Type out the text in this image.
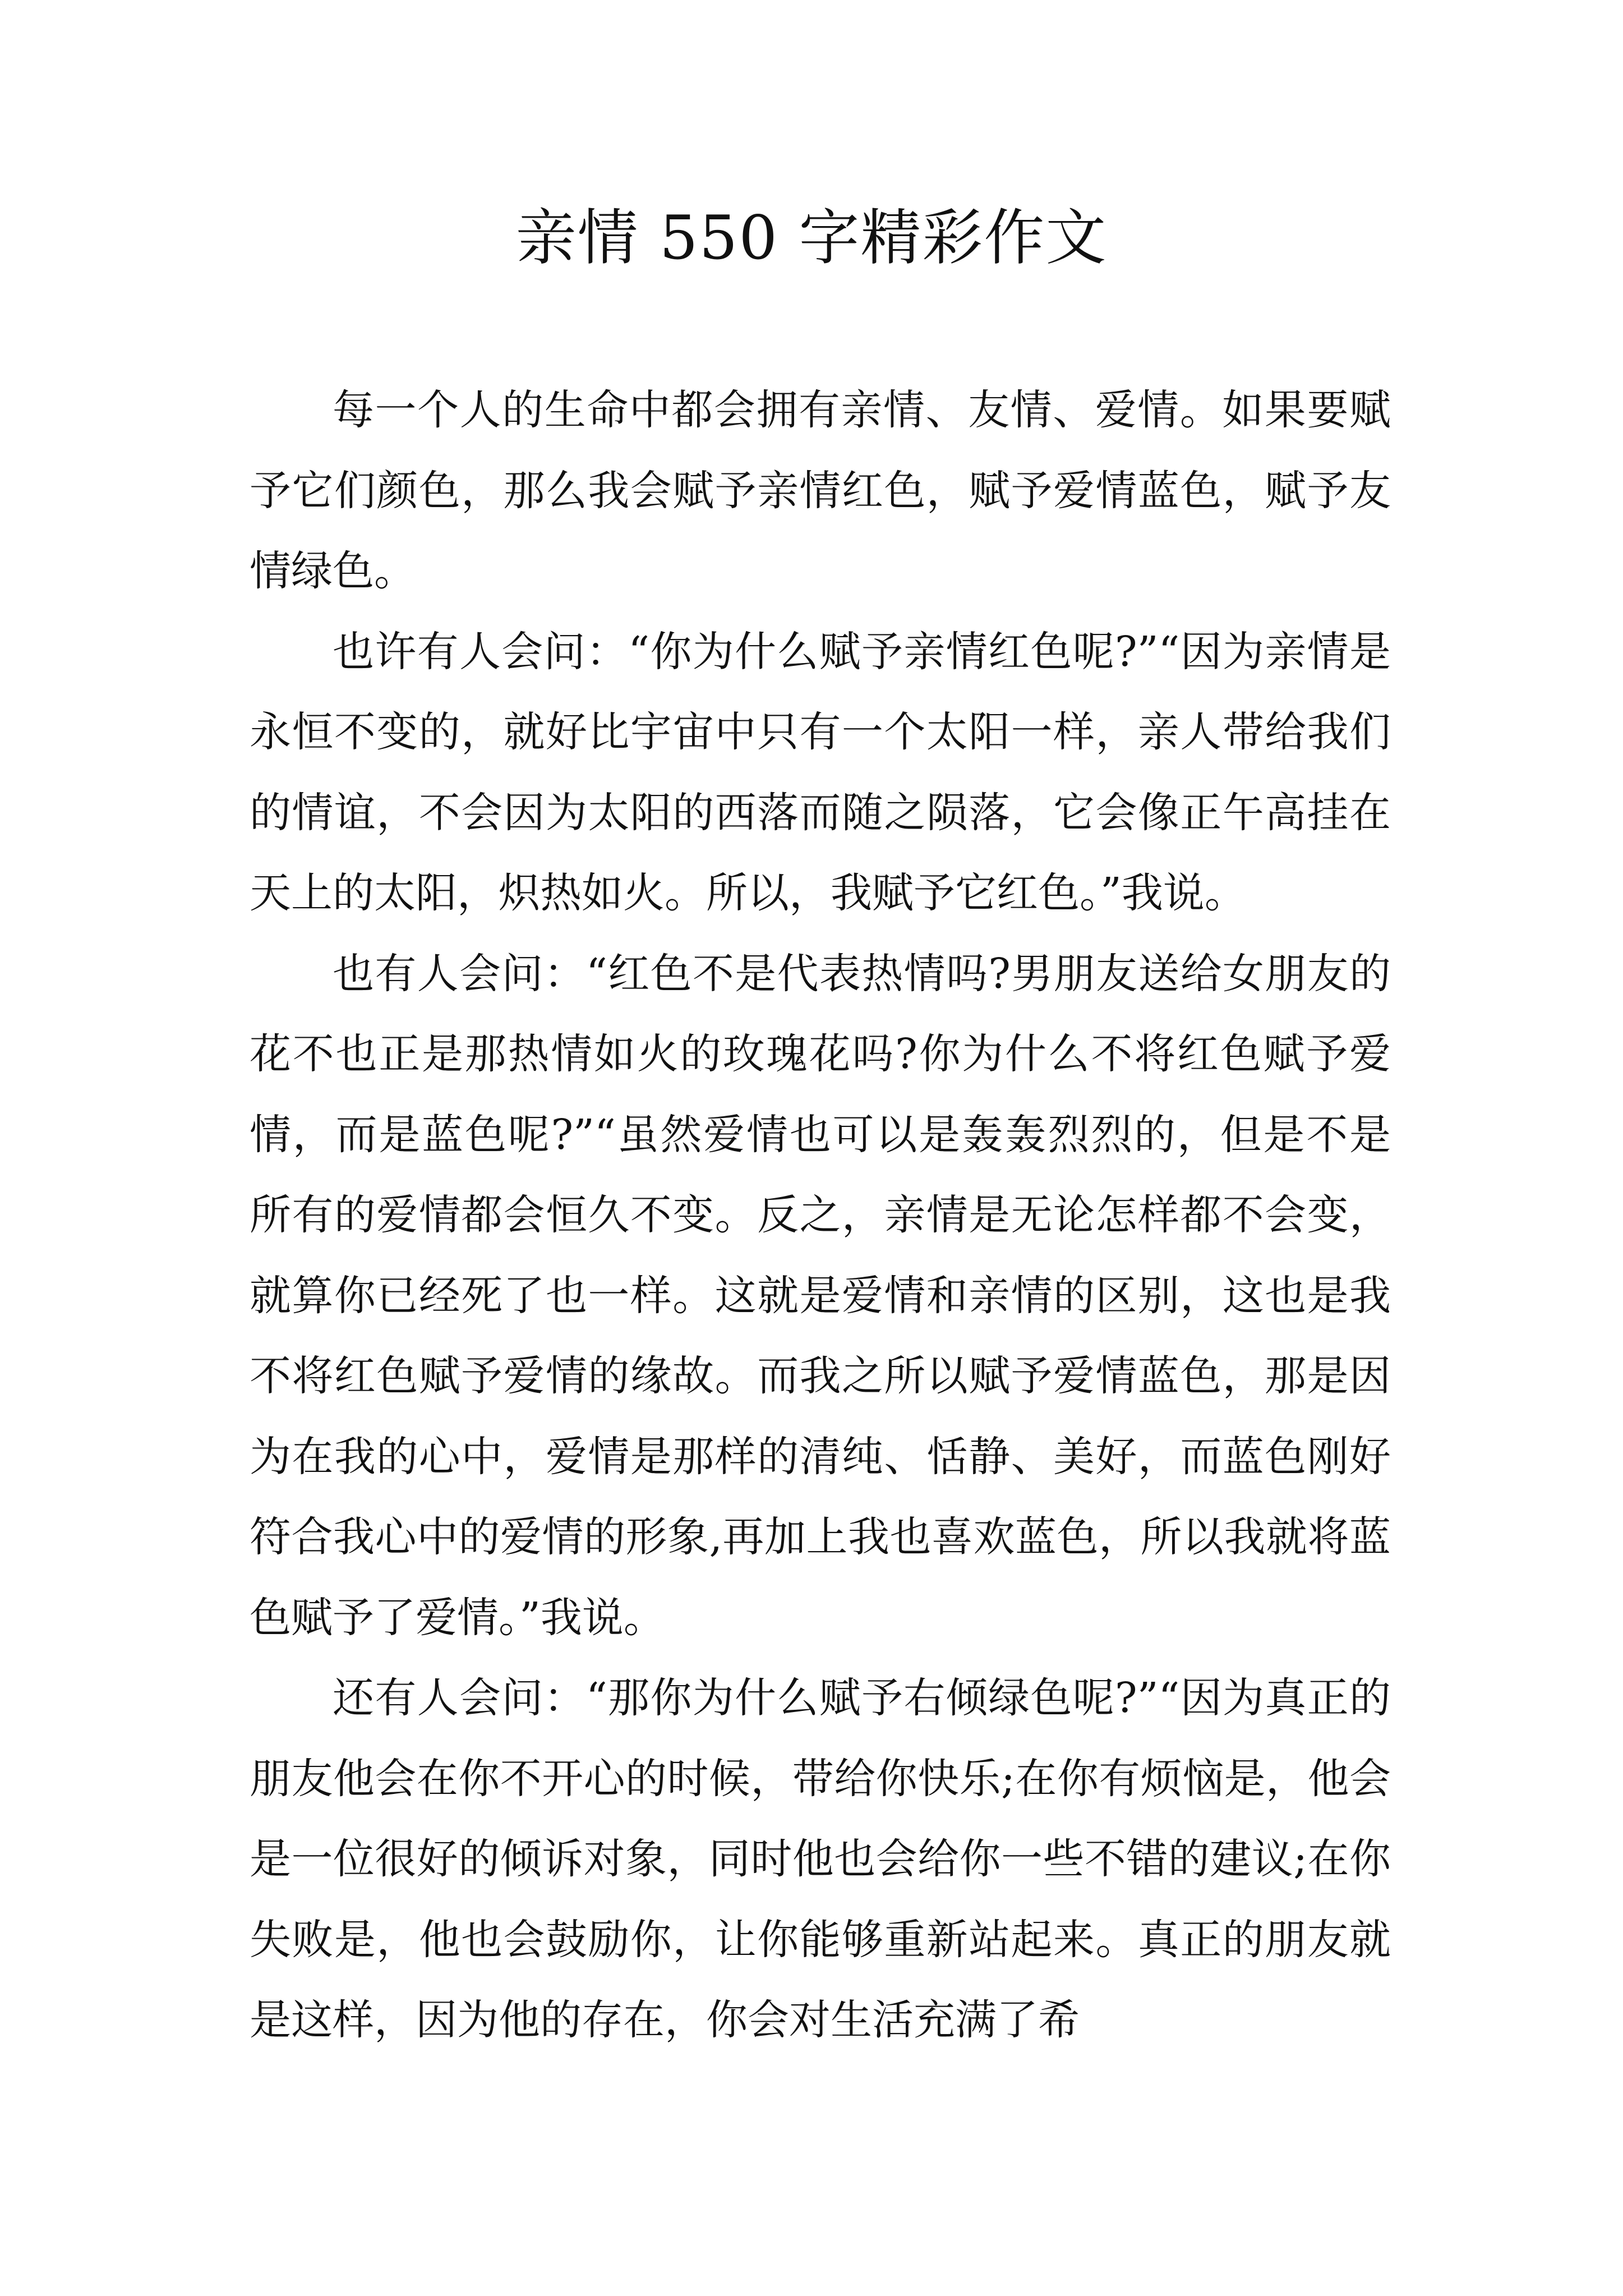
亲情 550 字精彩作文

每一个人的生命中都会拥有亲情、友情、爱情。如果要赋予它们颜色，那么我会赋予亲情红色，赋予爱情蓝色，赋予友情绿色。

也许有人会问：“你为什么赋予亲情红色呢?”“因为亲情是永恒不变的，就好比宇宙中只有一个太阳一样，亲人带给我们的情谊，不会因为太阳的西落而随之陨落，它会像正午高挂在天上的太阳，炽热如火。所以，我赋予它红色。”我说。

也有人会问：“红色不是代表热情吗?男朋友送给女朋友的花不也正是那热情如火的玫瑰花吗?你为什么不将红色赋予爱情，而是蓝色呢?”“虽然爱情也可以是轰轰烈烈的，但是不是所有的爱情都会恒久不变。反之，亲情是无论怎样都不会变，就算你已经死了也一样。这就是爱情和亲情的区别，这也是我不将红色赋予爱情的缘故。而我之所以赋予爱情蓝色，那是因为在我的心中，爱情是那样的清纯、恬静、美好，而蓝色刚好符合我心中的爱情的形象,再加上我也喜欢蓝色，所以我就将蓝色赋予了爱情。”我说。

还有人会问：“那你为什么赋予右倾绿色呢?”“因为真正的朋友他会在你不开心的时候，带给你快乐;在你有烦恼是，他会是一位很好的倾诉对象，同时他也会给你一些不错的建议;在你失败是，他也会鼓励你，让你能够重新站起来。真正的朋友就是这样，因为他的存在，你会对生活充满了希
